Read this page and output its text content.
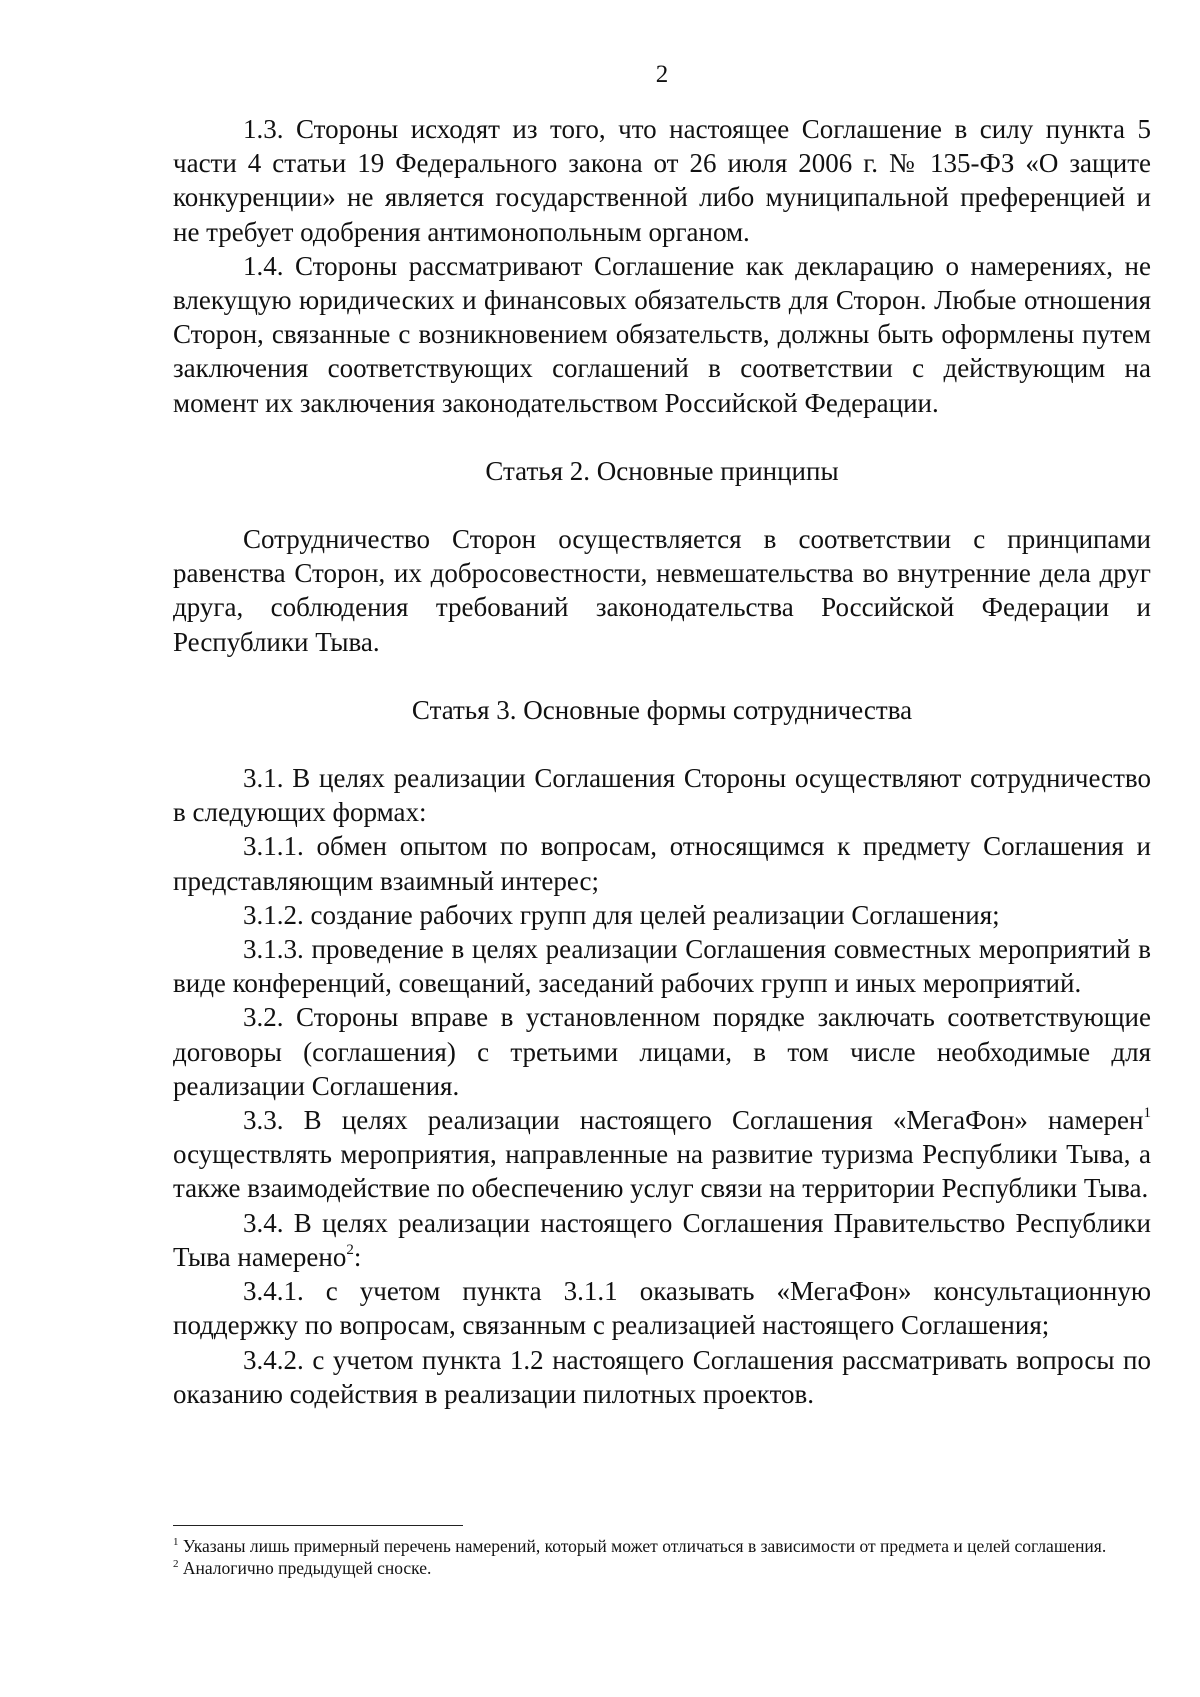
2

1.3. Стороны исходят из того, что настоящее Соглашение в силу пункта 5 части 4 статьи 19 Федерального закона от 26 июля 2006 г. № 135-ФЗ «О защите конкуренции» не является государственной либо муниципальной преференцией и не требует одобрения антимонопольным органом.

1.4. Стороны рассматривают Соглашение как декларацию о намерениях, не влекущую юридических и финансовых обязательств для Сторон. Любые отношения Сторон, связанные с возникновением обязательств, должны быть оформлены путем заключения соответствующих соглашений в соответствии с действующим на момент их заключения законодательством Российской Федерации.

Статья 2. Основные принципы

Сотрудничество Сторон осуществляется в соответствии с принципами равенства Сторон, их добросовестности, невмешательства во внутренние дела друг друга, соблюдения требований законодательства Российской Федерации и Республики Тыва.

Статья 3. Основные формы сотрудничества

3.1. В целях реализации Соглашения Стороны осуществляют сотрудничество в следующих формах:

3.1.1. обмен опытом по вопросам, относящимся к предмету Соглашения и представляющим взаимный интерес;

3.1.2. создание рабочих групп для целей реализации Соглашения;

3.1.3. проведение в целях реализации Соглашения совместных мероприятий в виде конференций, совещаний, заседаний рабочих групп и иных мероприятий.

3.2. Стороны вправе в установленном порядке заключать соответствующие договоры (соглашения) с третьими лицами, в том числе необходимые для реализации Соглашения.

3.3. В целях реализации настоящего Соглашения «МегаФон» намерен$^1$ осуществлять мероприятия, направленные на развитие туризма Республики Тыва, а также взаимодействие по обеспечению услуг связи на территории Республики Тыва.

3.4. В целях реализации настоящего Соглашения Правительство Республики Тыва намерено$^2$:

3.4.1. с учетом пункта 3.1.1 оказывать «МегаФон» консультационную поддержку по вопросам, связанным с реализацией настоящего Соглашения;

3.4.2. с учетом пункта 1.2 настоящего Соглашения рассматривать вопросы по оказанию содействия в реализации пилотных проектов.

$^1$ Указаны лишь примерный перечень намерений, который может отличаться в зависимости от предмета и целей соглашения.

$^2$ Аналогично предыдущей сноске.
